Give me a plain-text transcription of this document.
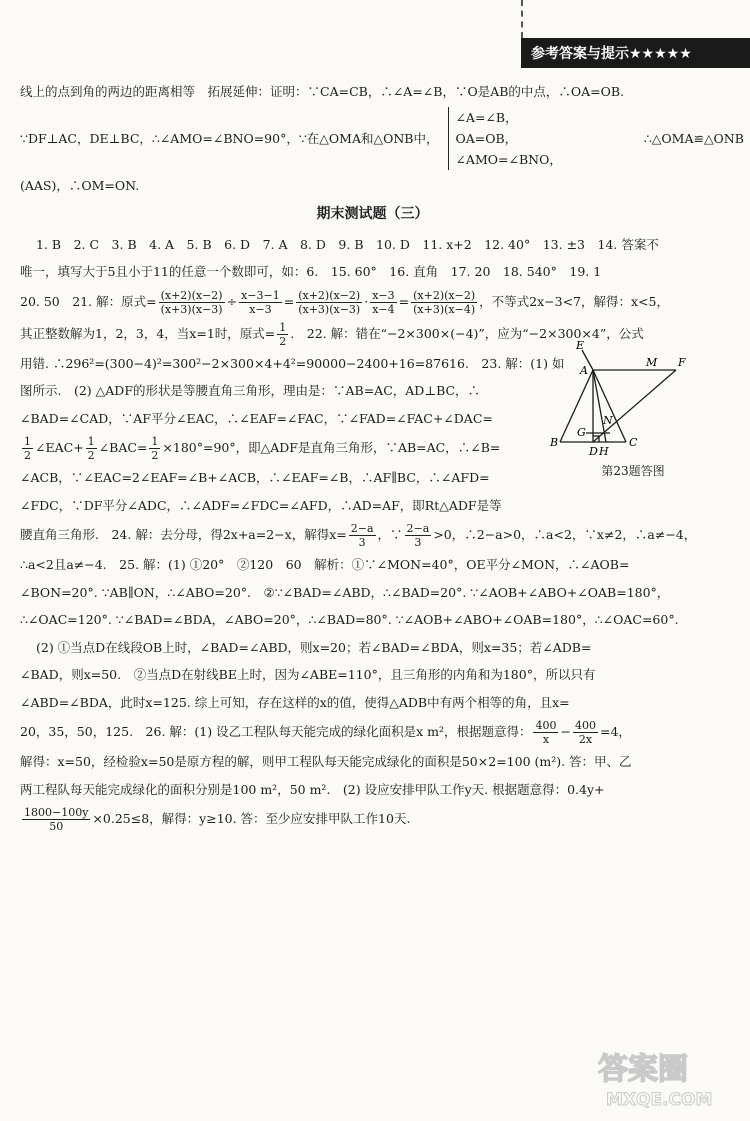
参考答案与提示★★★★★
线上的点到角的两边的距离相等　拓展延伸：证明：∵CA=CB，∴∠A=∠B，∵O是AB的中点，∴OA=OB.
∵DF⊥AC，DE⊥BC，∴∠AMO=∠BNO=90°，∵在△OMA和△ONB中，
∠A=∠B，
OA=OB，
∠AMO=∠BNO，
∴△OMA≌△ONB
(AAS)，∴OM=ON.
期末测试题（三）
1. B　2. C　3. B　4. A　5. B　6. D　7. A　8. D　9. B　10. D　11. x+2　12. 40°　13. ±3　14. 答案不
唯一，填写大于5且小于11的任意一个数即可，如：6.　15. 60°　16. 直角　17. 20　18. 540°　19. 1
20. 50　21. 解：原式= $\frac{(x+2)(x-2)}{(x+3)(x-3)} \div \frac{x-3-1}{x-3} = \frac{(x+2)(x-2)}{(x+3)(x-3)} \cdot \frac{x-3}{x-4} = \frac{(x+2)(x-2)}{(x+3)(x-4)}$ ，不等式2x−3<7，解得：x<5，
其正整数解为1，2，3，4，当x=1时，原式= $\frac{1}{2}$ .　22. 解：错在“−2×300×(−4)”，应为“−2×300×4”，公式
用错. ∴296²=(300−4)²=300²−2×300×4+4²=90000−2400+16=87616.　23. 解：(1) 如
图所示.　(2) △ADF的形状是等腰直角三角形，理由是：∵AB=AC，AD⊥BC，∴
∠BAD=∠CAD，∵AF平分∠EAC，∴∠EAF=∠FAC，∵∠FAD=∠FAC+∠DAC=
$\frac{1}{2}$ ∠EAC+ $\frac{1}{2}$ ∠BAC= $\frac{1}{2} \times 180^\circ=90^\circ$，即△ADF是直角三角形，∵AB=AC，∴∠B=
∠ACB，∵∠EAC=2∠EAF=∠B+∠ACB，∴∠EAF=∠B，∴AF∥BC，∴∠AFD=
∠FDC，∵DF平分∠ADC，∴∠ADF=∠FDC=∠AFD，∴AD=AF，即Rt△ADF是等
腰直角三角形.　24. 解：去分母，得2x+a=2−x，解得$x= \frac{2-a}{3}$ ，∵ $\frac{2-a}{3} >0$，∴2−a>0，∴a<2，∵x≠2，∴a≠−4，
∴a<2且a≠−4.　25. 解：(1) ①20°　②120　60　解析：①∵∠MON=40°，OE平分∠MON，∴∠AOB=
∠BON=20°. ∵AB∥ON，∴∠ABO=20°.　②∵∠BAD=∠ABD，∴∠BAD=20°. ∵∠AOB+∠ABO+∠OAB=180°，
∴∠OAC=120°. ∵∠BAD=∠BDA，∠ABO=20°，∴∠BAD=80°. ∵∠AOB+∠ABO+∠OAB=180°，∴∠OAC=60°.
(2) ①当点D在线段OB上时，∠BAD=∠ABD，则x=20；若∠BAD=∠BDA，则x=35；若∠ADB=
∠BAD，则x=50.　②当点D在射线BE上时，因为∠ABE=110°，且三角形的内角和为180°，所以只有
∠ABD=∠BDA，此时x=125. 综上可知，存在这样的x的值，使得△ADB中有两个相等的角，且x=
20，35，50，125.　26. 解：(1) 设乙工程队每天能完成的绿化面积是x m²，根据题意得： $\frac{400}{x} - \frac{400}{2x} =4$，
解得：x=50，经检验x=50是原方程的解，则甲工程队每天能完成绿化的面积是50×2=100 (m²). 答：甲、乙
两工程队每天能完成绿化的面积分别是100 m²，50 m².　(2) 设应安排甲队工作y天. 根据题意得：0.4y+
$\frac{1800-100y}{50} \times 0.25\le 8$，解得：y≥10. 答：至少应安排甲队工作10天.
E
A
M F
N
G
B	C
D H
第23题答图
答案圈
MXQE.COM
